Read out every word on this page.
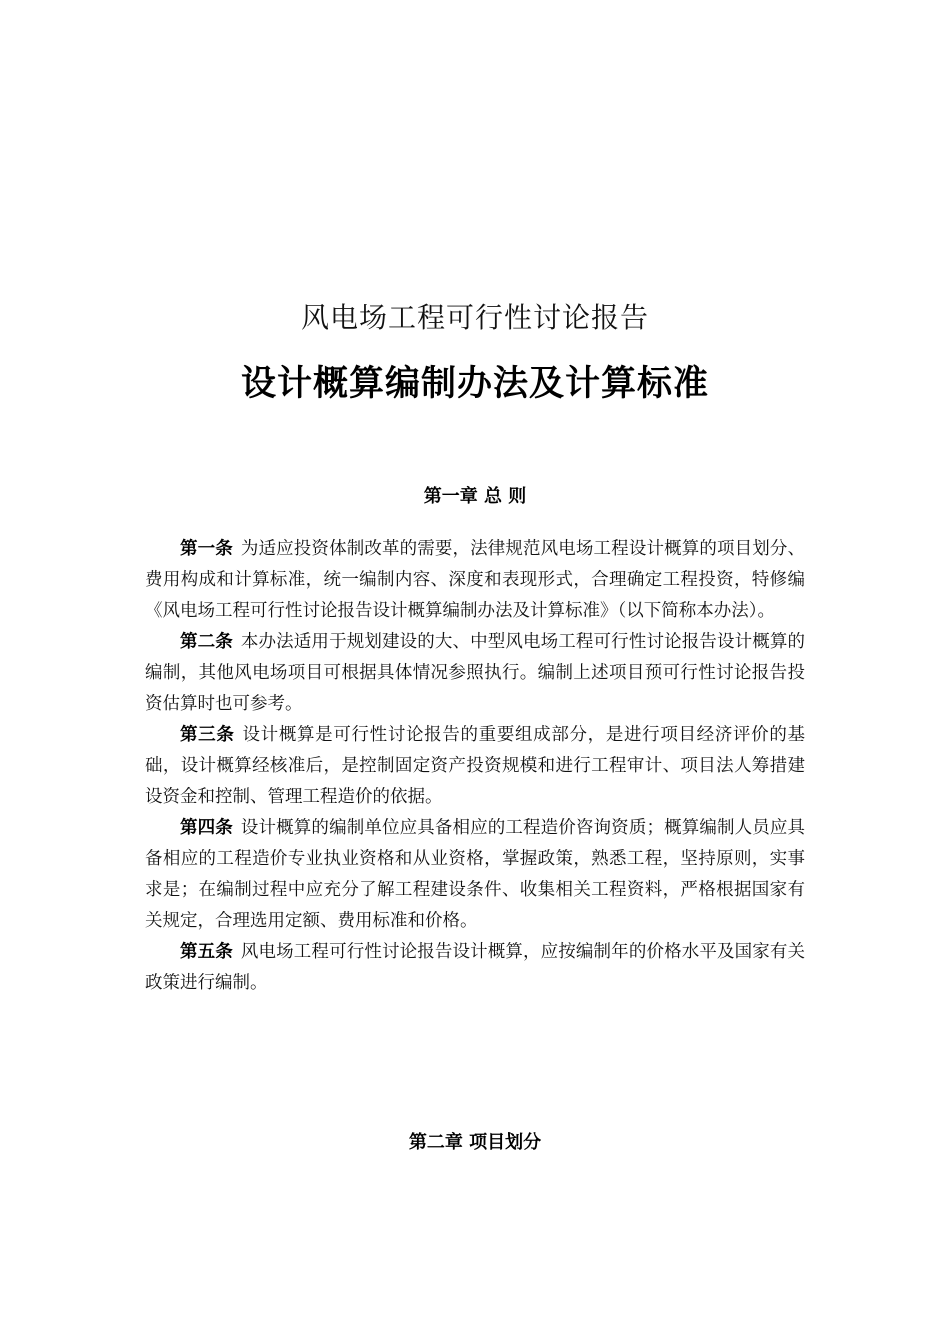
风电场工程可行性讨论报告
设计概算编制办法及计算标准
第一章 总 则

第一条 为适应投资体制改革的需要，法律规范风电场工程设计概算的项目划分、费用构成和计算标准，统一编制内容、深度和表现形式，合理确定工程投资，特修编《风电场工程可行性讨论报告设计概算编制办法及计算标准》（以下简称本办法）。

第二条 本办法适用于规划建设的大、中型风电场工程可行性讨论报告设计概算的编制，其他风电场项目可根据具体情况参照执行。编制上述项目预可行性讨论报告投资估算时也可参考。

第三条 设计概算是可行性讨论报告的重要组成部分，是进行项目经济评价的基础，设计概算经核准后，是控制固定资产投资规模和进行工程审计、项目法人筹措建设资金和控制、管理工程造价的依据。

第四条 设计概算的编制单位应具备相应的工程造价咨询资质；概算编制人员应具备相应的工程造价专业执业资格和从业资格，掌握政策，熟悉工程，坚持原则，实事求是；在编制过程中应充分了解工程建设条件、收集相关工程资料，严格根据国家有关规定，合理选用定额、费用标准和价格。

第五条 风电场工程可行性讨论报告设计概算，应按编制年的价格水平及国家有关政策进行编制。

第二章 项目划分
